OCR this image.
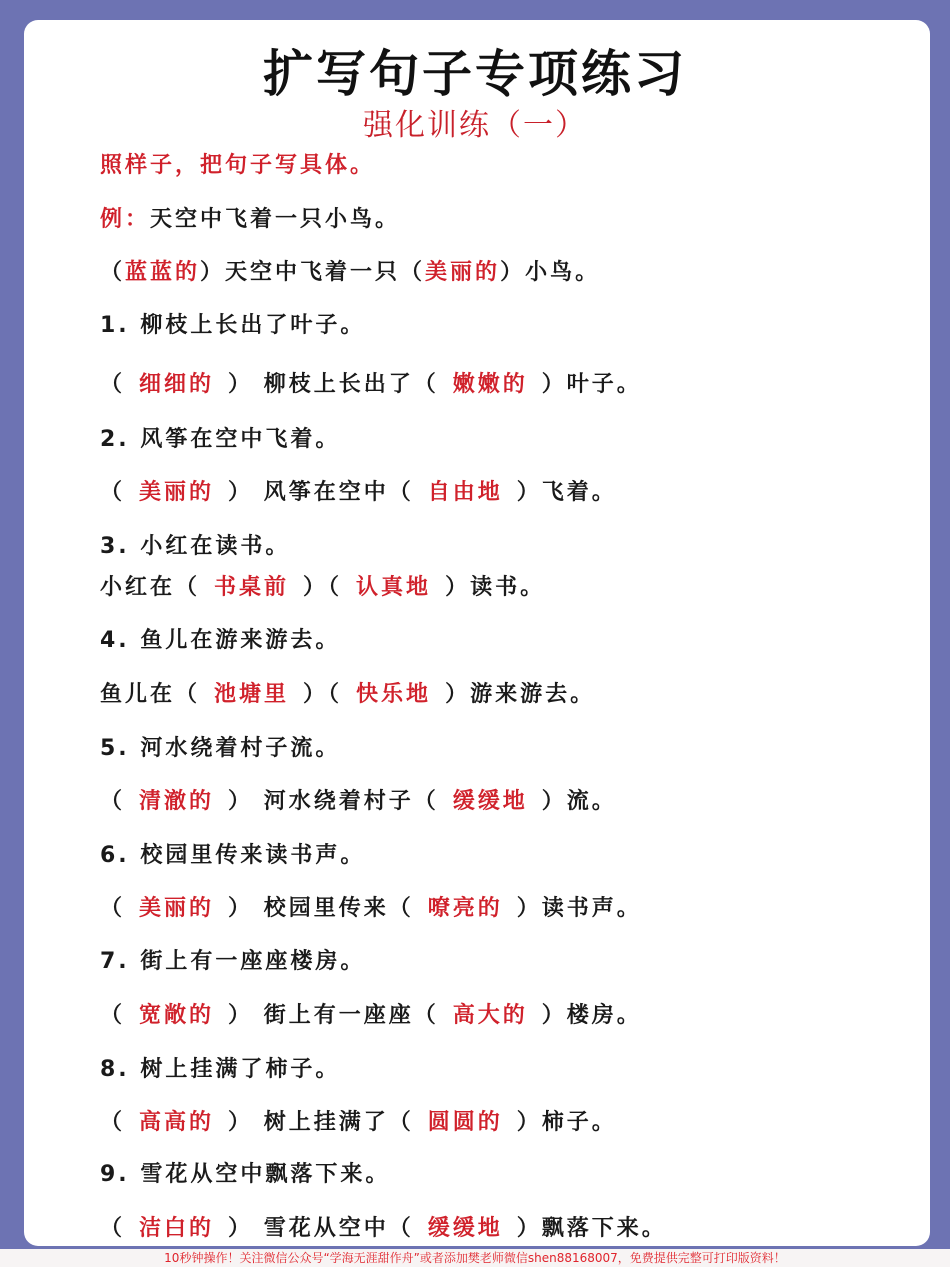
扩写句子专项练习
强化训练（一）
照样子，把句子写具体。
例：天空中飞着一只小鸟。
（蓝蓝的）天空中飞着一只（美丽的）小鸟。
1. 柳枝上长出了叶子。
（ 细细的 ） 柳枝上长出了（ 嫩嫩的 ）叶子。
2. 风筝在空中飞着。
（ 美丽的 ） 风筝在空中（ 自由地 ）飞着。
3. 小红在读书。
小红在（ 书桌前 ）（ 认真地 ）读书。
4. 鱼儿在游来游去。
鱼儿在（ 池塘里 ）（ 快乐地 ）游来游去。
5. 河水绕着村子流。
（ 清澈的 ） 河水绕着村子（ 缓缓地 ）流。
6. 校园里传来读书声。
（ 美丽的 ） 校园里传来（ 嘹亮的 ）读书声。
7. 街上有一座座楼房。
（ 宽敞的 ） 街上有一座座（ 高大的 ）楼房。
8. 树上挂满了柿子。
（ 高高的 ） 树上挂满了（ 圆圆的 ）柿子。
9. 雪花从空中飘落下来。
（ 洁白的 ） 雪花从空中（ 缓缓地 ）飘落下来。
10秒钟操作！关注微信公众号“学海无涯甜作舟”或者添加樊老师微信shen88168007，免费提供完整可打印版资料！
